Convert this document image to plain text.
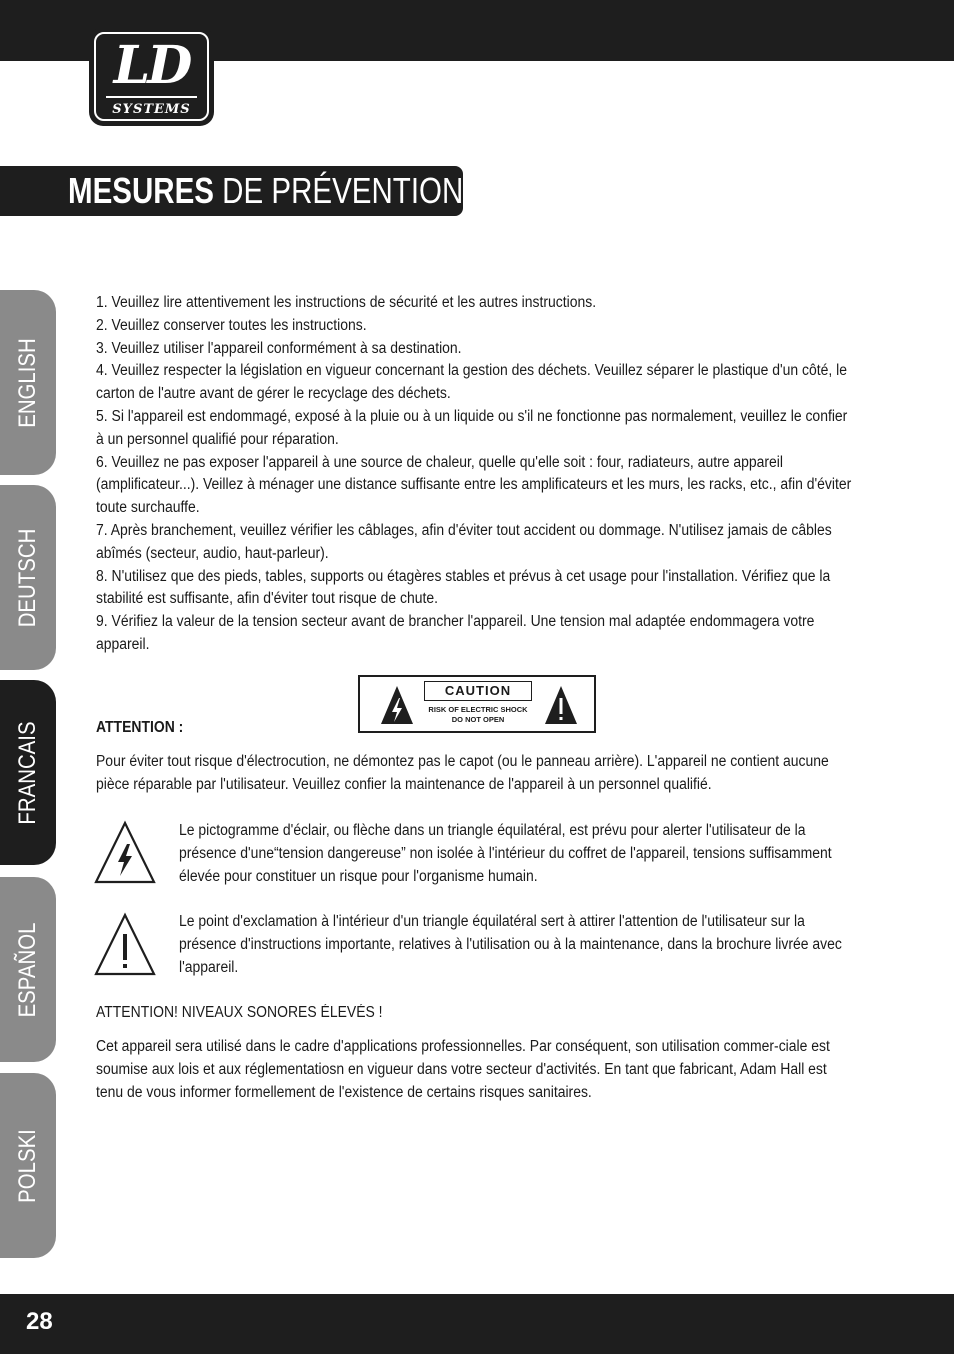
LD
SYSTEMS
MESURES DE PRÉVENTION:
ENGLISH
DEUTSCH
FRANCAIS
ESPAÑOL
POLSKI

1. Veuillez lire attentivement les instructions de sécurité et les autres instructions.

2. Veuillez conserver toutes les instructions.

3. Veuillez utiliser l'appareil conformément à sa destination.

4. Veuillez respecter la législation en vigueur concernant la gestion des déchets. Veuillez séparer le plastique d'un côté, le carton de l'autre avant de gérer le recyclage des déchets.

5. Si l'appareil est endommagé, exposé à la pluie ou à un liquide ou s'il ne fonctionne pas normalement, veuillez le confier à un personnel qualifié pour réparation.

6. Veuillez ne pas exposer l'appareil à une source de chaleur, quelle qu'elle soit : four, radiateurs, autre appareil (amplificateur...). Veillez à ménager une distance suffisante entre les amplificateurs et les murs, les racks, etc., afin d'éviter toute surchauffe.

7. Après branchement, veuillez vérifier les câblages, afin d'éviter tout accident ou dommage. N'utilisez jamais de câbles abîmés (secteur, audio, haut-parleur).

8. N'utilisez que des pieds, tables, supports ou étagères stables et prévus à cet usage pour l'installation. Vérifiez que la stabilité est suffisante, afin d'éviter tout risque de chute.

9. Vérifiez la valeur de la tension secteur avant de brancher l'appareil. Une tension mal adaptée endommagera votre appareil.

CAUTION
RISK OF ELECTRIC SHOCK
DO NOT OPEN
ATTENTION :
Pour éviter tout risque d'électrocution, ne démontez pas le capot (ou le panneau arrière). L'appareil ne contient aucune pièce réparable par l'utilisateur. Veuillez confier la maintenance de l'appareil à un personnel qualifié.
Le pictogramme d'éclair, ou flèche dans un triangle équilatéral, est prévu pour alerter l'utilisateur de la présence d'une“tension dangereuse” non isolée à l'intérieur du coffret de l'appareil, tensions suffisamment élevée pour constituer un risque pour l'organisme humain.
Le point d'exclamation à l'intérieur d'un triangle équilatéral sert à attirer l'attention de l'utilisateur sur la présence d'instructions importante, relatives à l'utilisation ou à la maintenance, dans la brochure livrée avec l'appareil.
ATTENTION! NIVEAUX SONORES ÉLEVÉS !
Cet appareil sera utilisé dans le cadre d'applications professionnelles. Par conséquent, son utilisation commer-ciale est soumise aux lois et aux réglementatiosn en vigueur dans votre secteur d'activités. En tant que fabricant, Adam Hall est tenu de vous informer formellement de l'existence de certains risques sanitaires.
28
